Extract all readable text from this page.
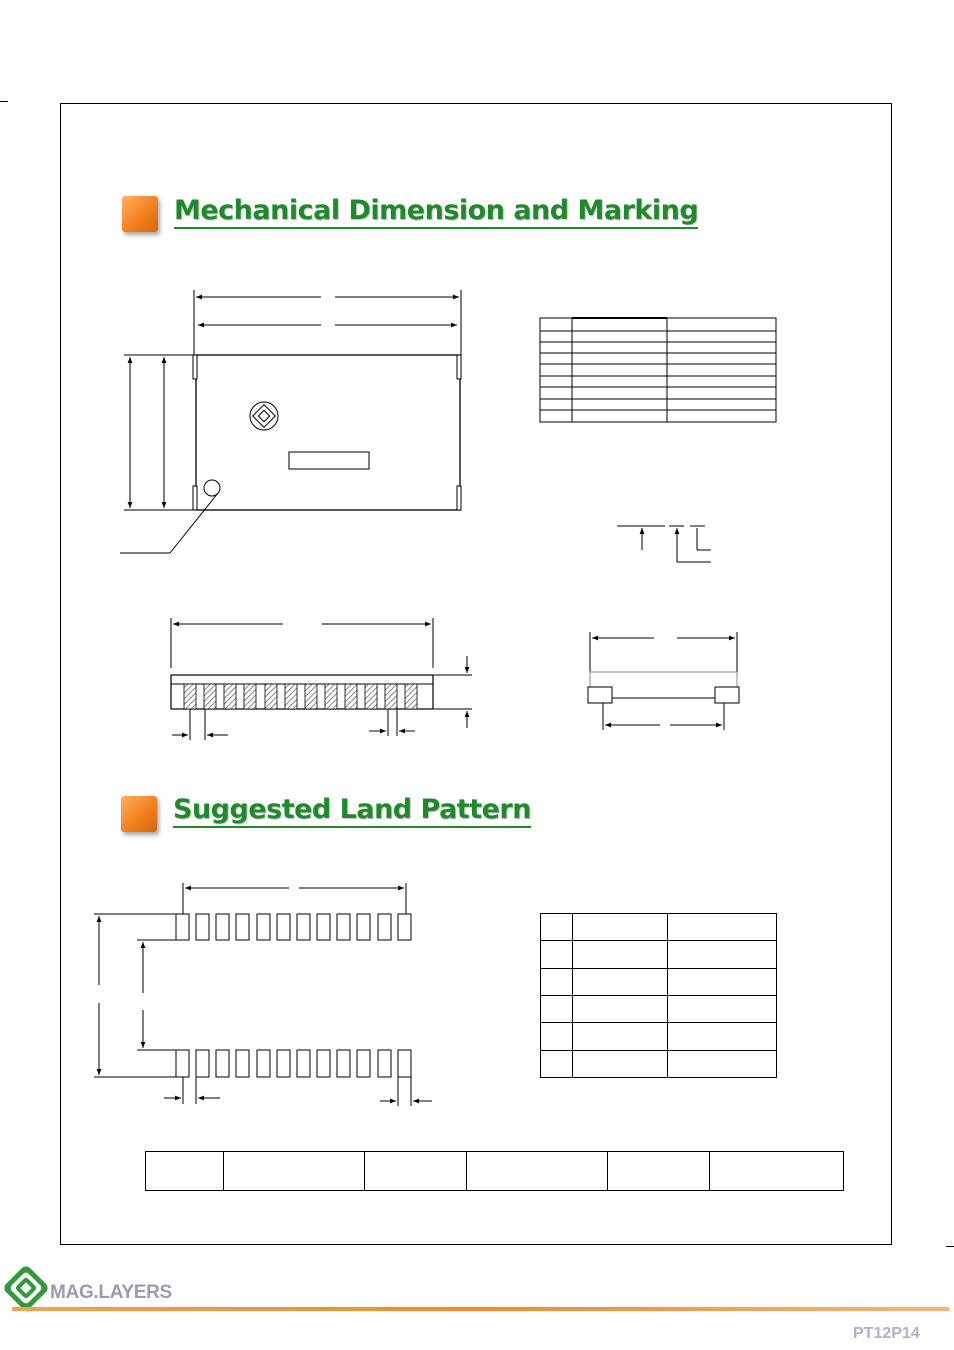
Mechanical Dimension and Marking
Suggested Land Pattern

MAG.LAYERS
PT12P14
